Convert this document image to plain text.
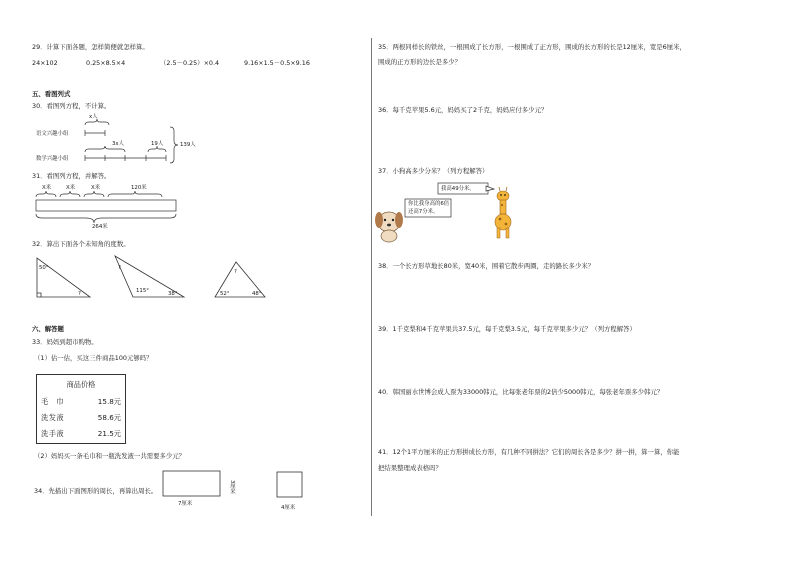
29．计算下面各题，怎样简便就怎样算。
24×102	0.25×8.5×4	（2.5－0.25）×0.4	9.16×1.5－0.5×9.16
五、看图列式
30．看图列方程，不计算。
x人
3x人	19人	139人
语文兴趣小组
数学兴趣小组
31．看图列方程，并解答。
X米	X米	X米	120米
264米
32．算出下面各个未知角的度数。
50°
?	115°	38°
?
?
52°	48°
六、解答题
33．妈妈到超市购物。
（1）估一估，买这三件商品100元够吗？
商品价格
毛　巾	15.8元
洗发液	58.6元
洗手液	21.5元
（2）妈妈买一条毛巾和一瓶洗发液一共需要多少元？
34．先描出下面图形的周长，再算出周长。
7厘米
3厘米
4厘米
35．两根同样长的铁丝，一根围成了长方形，一根围成了正方形，围成的长方形的长是12厘米，宽是6厘米，
围成的正方形的边长是多少？
36．每千克苹果5.6元，妈妈买了2千克，妈妈应付多少元？
37．小狗高多少分米？（列方程解答）
我高49分米。
你比我身高的6倍
还高7分米。
38．一个长方形草地长80米，宽40米，围着它散步两圈，走的路长多少米？
39．1千克梨和4千克苹果共37.5元，每千克梨3.5元，每千克苹果多少元？（列方程解答）
40．韩国丽水世博会成人票为33000韩元，比每张老年票的2倍少5000韩元，每张老年票多少韩元？
41．12个1平方厘米的正方形拼成长方形，有几种不同拼法？它们的周长各是多少？拼一拼，算一算，你能
把结果整理成表格吗？
